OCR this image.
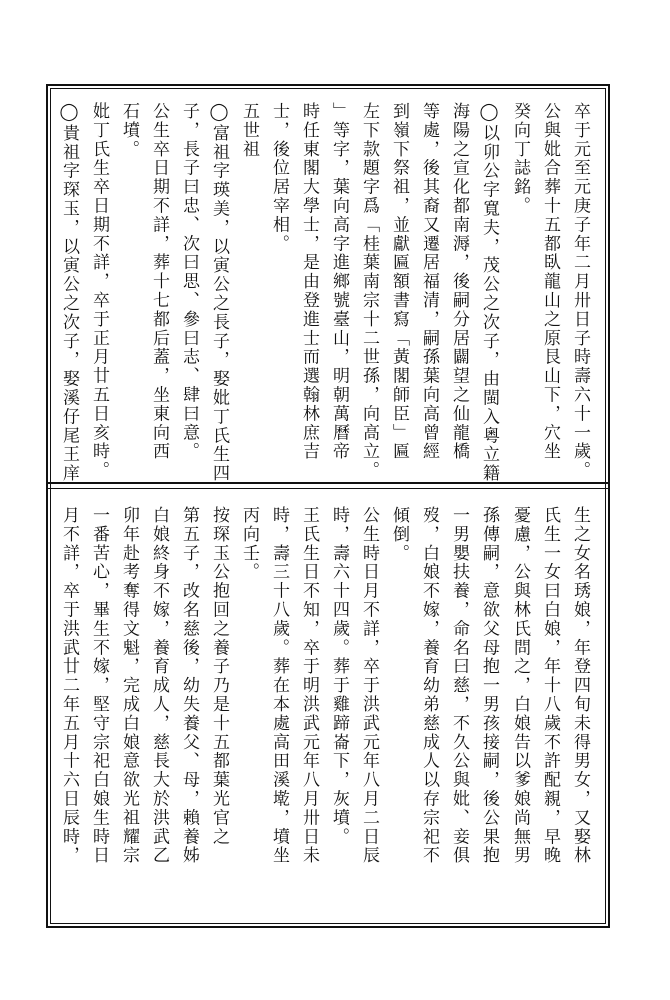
卒于元至元庚子年二月卅日子時壽六十一歲。
公與妣合葬十五都臥龍山之原艮山下，穴坐
癸向丁誌銘。
◯以卯公字寬夫，茂公之次子，由閩入粵立籍
海陽之宣化都南溽，後嗣分居闢望之仙龍橋
等處，後其裔又遷居福清，嗣孫葉向高曾經
到嶺下祭祖，並獻匾額書寫「黃閣師臣」匾
左下款題字爲「桂葉南宗十二世孫，向高立。
」等字，葉向高字進鄉號臺山，明朝萬曆帝
時任東閣大學士，是由登進士而選翰林庶吉
士，後位居宰相。
五世祖
◯富祖字瑛美，以寅公之長子，娶妣丁氏生四
子，長子曰忠、次曰思、參曰志、肆曰意。
公生卒日期不詳，葬十七都后蓋，坐東向西
石墳。
妣丁氏生卒日期不詳，卒于正月廿五日亥時。
◯貴祖字琛玉，以寅公之次子，娶溪仔尾王庠
生之女名琇娘，年登四旬未得男女，又娶林
氏生一女曰白娘，年十八歲不許配親，早晚
憂慮，公與林氏問之，白娘告以爹娘尚無男
孫傳嗣，意欲父母抱一男孩接嗣，後公果抱
一男嬰扶養，命名曰慈，不久公與妣、妾俱
歿，白娘不嫁，養育幼弟慈成人以存宗祀不
傾倒。
公生時日月不詳，卒于洪武元年八月二日辰
時，壽六十四歲。葬于雞蹄崙下，灰墳。
王氏生日不知，卒于明洪武元年八月卅日未
時，壽三十八歲。葬在本處高田溪墘，墳坐
丙向壬。
按琛玉公抱回之養子乃是十五都葉光官之
第五子，改名慈後，幼失養父、母，賴養姊
白娘終身不嫁，養育成人，慈長大於洪武乙
卯年赴考奪得文魁，完成白娘意欲光祖耀宗
一番苦心，畢生不嫁，堅守宗祀白娘生時日
月不詳，卒于洪武廿二年五月十六日辰時，
